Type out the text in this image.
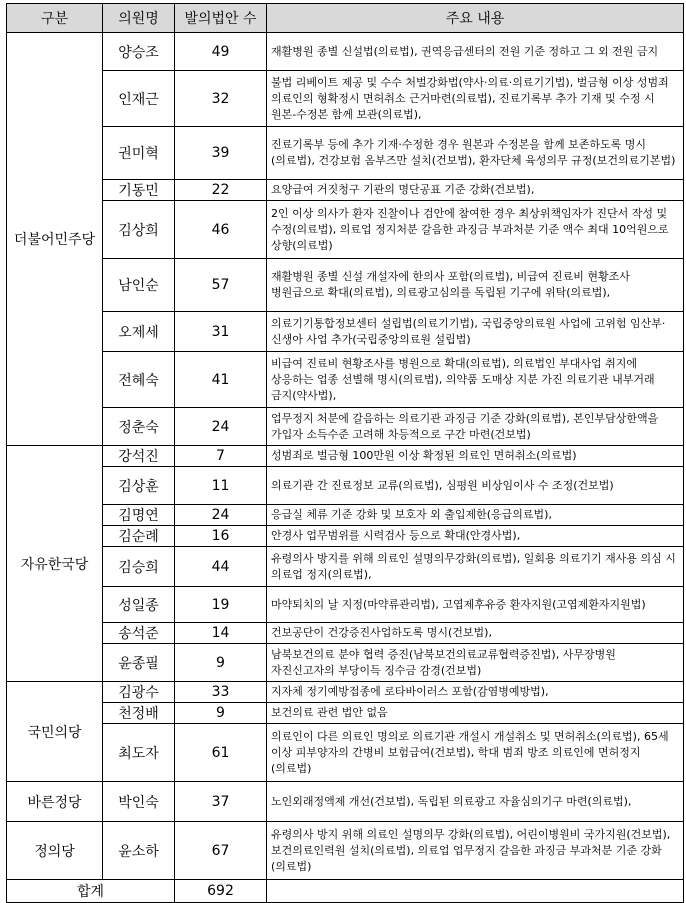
구분	의원명	발의법안 수	주요 내용
더불어민주당	양승조	49	재활병원 종별 신설법(의료법), 권역응급센터의 전원 기준 정하고 그 외 전원 금지
	인재근	32	불법 리베이트 제공 및 수수 처벌강화법(약사·의료·의료기기법), 벌금형 이상 성범죄 의료인의 형확정시 면허취소 근거마련(의료법), 진료기록부 추가 기재 및 수정 시 원본-수정본 함께 보관(의료법),
	권미혁	39	진료기록부 등에 추가 기재·수정한 경우 원본과 수정본을 함께 보존하도록 명시(의료법), 건강보험 옴부즈만 설치(건보법), 환자단체 육성의무 규정(보건의료기본법)
	기동민	22	요양급여 거짓청구 기관의 명단공표 기준 강화(건보법),
	김상희	46	2인 이상 의사가 환자 진찰이나 검안에 참여한 경우 최상위책임자가 진단서 작성 및 수정(의료법), 의료업 정지처분 갈음한 과징금 부과처분 기준 액수 최대 10억원으로 상향(의료법)
	남인순	57	재활병원 종별 신설 개설자에 한의사 포함(의료법), 비급여 진료비 현황조사 병원급으로 확대(의료법), 의료광고심의를 독립된 기구에 위탁(의료법),
	오제세	31	의료기기통합정보센터 설립법(의료기기법), 국립중앙의료원 사업에 고위험 임산부·신생아 사업 추가(국립중앙의료원 설립법)
	전혜숙	41	비급여 진료비 현황조사를 병원으로 확대(의료법), 의료법인 부대사업 취지에 상응하는 업종 선별해 명시(의료법), 의약품 도매상 지분 가진 의료기관 내부거래 금지(약사법),
	정춘숙	24	업무정지 처분에 갈음하는 의료기관 과징금 기준 강화(의료법), 본인부담상한액을 가입자 소득수준 고려해 차등적으로 구간 마련(건보법)
자유한국당	강석진	7	성범죄로 벌금형 100만원 이상 확정된 의료인 면허취소(의료법)
	김상훈	11	의료기관 간 진료정보 교류(의료법), 심평원 비상임이사 수 조정(건보법)
	김명연	24	응급실 체류 기준 강화 및 보호자 외 출입제한(응급의료법),
	김순례	16	안경사 업무범위를 시력검사 등으로 확대(안경사법),
	김승희	44	유령의사 방지를 위해 의료인 설명의무강화(의료법), 일회용 의료기기 재사용 의심 시 의료업 정지(의료법),
	성일종	19	마약퇴치의 날 지정(마약류관리법), 고엽제후유증 환자지원(고엽제환자지원법)
	송석준	14	건보공단이 건강증진사업하도록 명시(건보법),
	윤종필	9	남북보건의료 분야 협력 증진(남북보건의료교류협력증진법), 사무장병원 자진신고자의 부당이득 징수금 감경(건보법)
국민의당	김광수	33	지자체 정기예방접종에 로타바이러스 포함(감염병예방법),
	천정배	9	보건의료 관련 법안 없음
	최도자	61	의료인이 다른 의료인 명의로 의료기관 개설시 개설취소 및 면허취소(의료법), 65세 이상 피부양자의 간병비 보험급여(건보법), 학대 범죄 방조 의료인에 면허정지(의료법)
바른정당	박인숙	37	노인외래정액제 개선(건보법), 독립된 의료광고 자율심의기구 마련(의료법),
정의당	윤소하	67	유령의사 방지 위해 의료인 설명의무 강화(의료법), 어린이병원비 국가지원(건보법), 보건의료인력원 설치(의료법), 의료업 업무정지 갈음한 과징금 부과처분 기준 강화(의료법)
합계		692	
